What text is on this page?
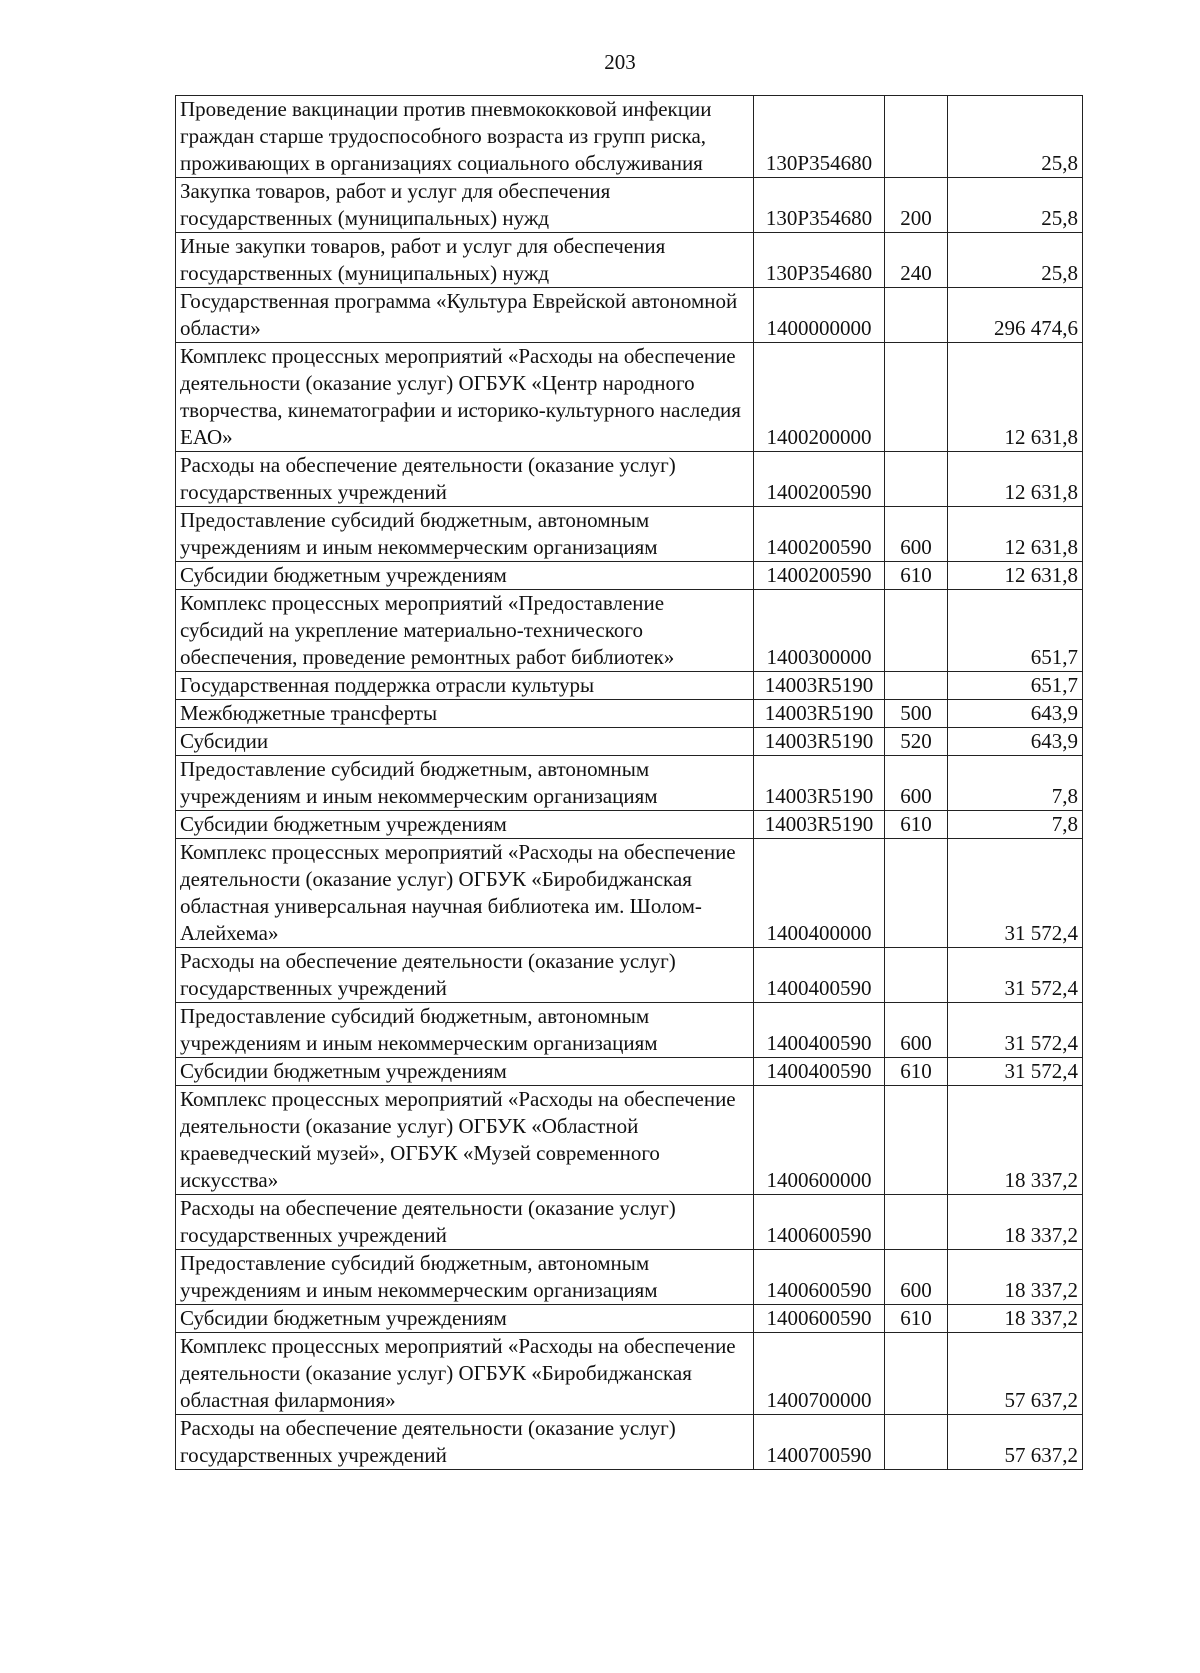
203
Проведение вакцинации против пневмококковой инфекции граждан старше трудоспособного возраста из групп риска, проживающих в организациях социального обслуживания	130P354680		25,8
Закупка товаров, работ и услуг для обеспечения государственных (муниципальных) нужд	130P354680	200	25,8
Иные закупки товаров, работ и услуг для обеспечения государственных (муниципальных) нужд	130P354680	240	25,8
Государственная программа «Культура Еврейской автономной области»	1400000000		296 474,6
Комплекс процессных мероприятий «Расходы на обеспечение деятельности (оказание услуг) ОГБУК «Центр народного творчества, кинематографии и историко-культурного наследия ЕАО»	1400200000		12 631,8
Расходы на обеспечение деятельности (оказание услуг) государственных учреждений	1400200590		12 631,8
Предоставление субсидий бюджетным, автономным учреждениям и иным некоммерческим организациям	1400200590	600	12 631,8
Субсидии бюджетным учреждениям	1400200590	610	12 631,8
Комплекс процессных мероприятий «Предоставление субсидий на укрепление материально-технического обеспечения, проведение ремонтных работ библиотек»	1400300000		651,7
Государственная поддержка отрасли культуры	14003R5190		651,7
Межбюджетные трансферты	14003R5190	500	643,9
Субсидии	14003R5190	520	643,9
Предоставление субсидий бюджетным, автономным учреждениям и иным некоммерческим организациям	14003R5190	600	7,8
Субсидии бюджетным учреждениям	14003R5190	610	7,8
Комплекс процессных мероприятий «Расходы на обеспечение деятельности (оказание услуг) ОГБУК «Биробиджанская областная универсальная научная библиотека им. Шолом-Алейхема»	1400400000		31 572,4
Расходы на обеспечение деятельности (оказание услуг) государственных учреждений	1400400590		31 572,4
Предоставление субсидий бюджетным, автономным учреждениям и иным некоммерческим организациям	1400400590	600	31 572,4
Субсидии бюджетным учреждениям	1400400590	610	31 572,4
Комплекс процессных мероприятий «Расходы на обеспечение деятельности (оказание услуг) ОГБУК «Областной краеведческий музей», ОГБУК «Музей современного искусства»	1400600000		18 337,2
Расходы на обеспечение деятельности (оказание услуг) государственных учреждений	1400600590		18 337,2
Предоставление субсидий бюджетным, автономным учреждениям и иным некоммерческим организациям	1400600590	600	18 337,2
Субсидии бюджетным учреждениям	1400600590	610	18 337,2
Комплекс процессных мероприятий «Расходы на обеспечение деятельности (оказание услуг) ОГБУК «Биробиджанская областная филармония»	1400700000		57 637,2
Расходы на обеспечение деятельности (оказание услуг) государственных учреждений	1400700590		57 637,2
